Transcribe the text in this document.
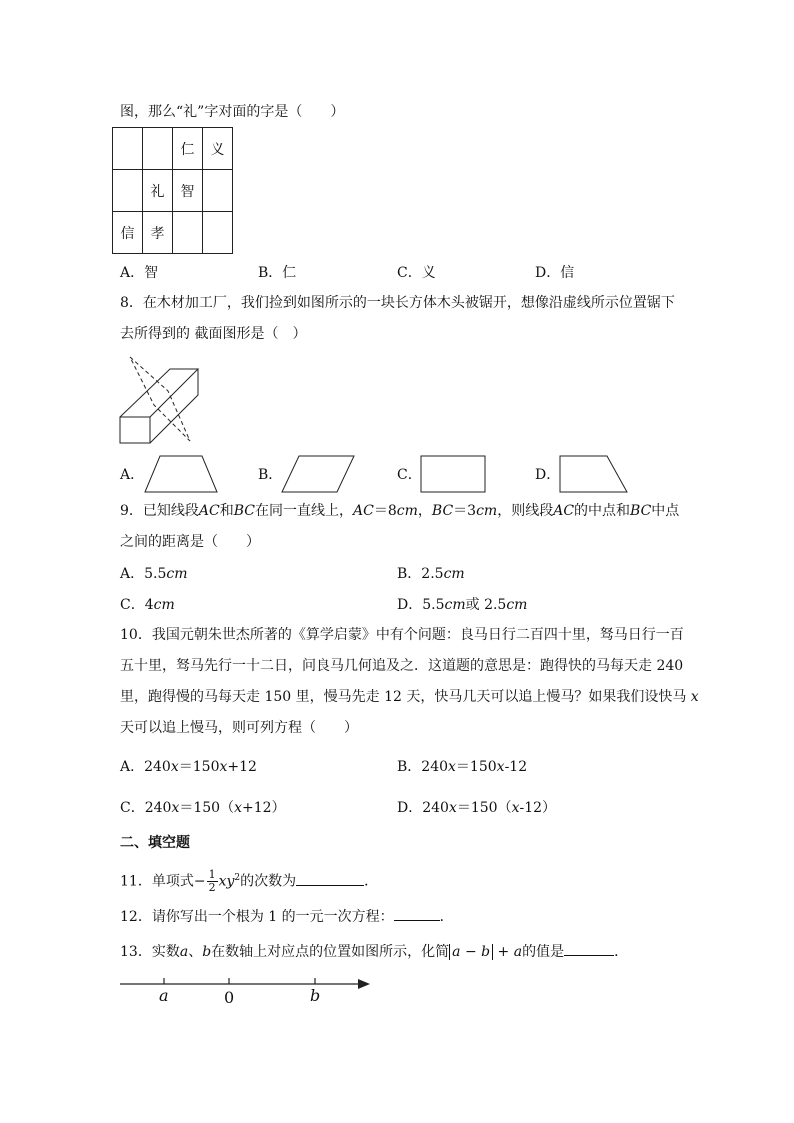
图，那么“礼”字对面的字是（　　）
		仁	义
	礼	智	
信	孝		
A．智	B．仁	C．义	D．信
8．在木材加工厂，我们捡到如图所示的一块长方体木头被锯开，想像沿虚线所示位置锯下
去所得到的 截面图形是（　）
A．	B．	C．	D．
9．已知线段AC和BC在同一直线上，AC＝8cm，BC＝3cm，则线段AC的中点和BC中点
之间的距离是（　　）
A．5.5cm	B．2.5cm
C．4cm	D．5.5cm或 2.5cm
10．我国元朝朱世杰所著的《算学启蒙》中有个问题：良马日行二百四十里，驽马日行一百
五十里，驽马先行一十二日，问良马几何追及之．这道题的意思是：跑得快的马每天走 240
里，跑得慢的马每天走 150 里，慢马先走 12 天，快马几天可以追上慢马？如果我们设快马 x
天可以追上慢马，则可列方程（　　）
A．240x＝150x+12	B．240x＝150x-12
C．240x＝150（x+12）	D．240x＝150（x-12）
二、填空题
11．单项式− $\frac{1}{2} xy^2$的次数为	．
12．请你写出一个根为 1 的一元一次方程：	．
13．实数a、b在数轴上对应点的位置如图所示，化简 a − b + a的值是	．
a	0	b
